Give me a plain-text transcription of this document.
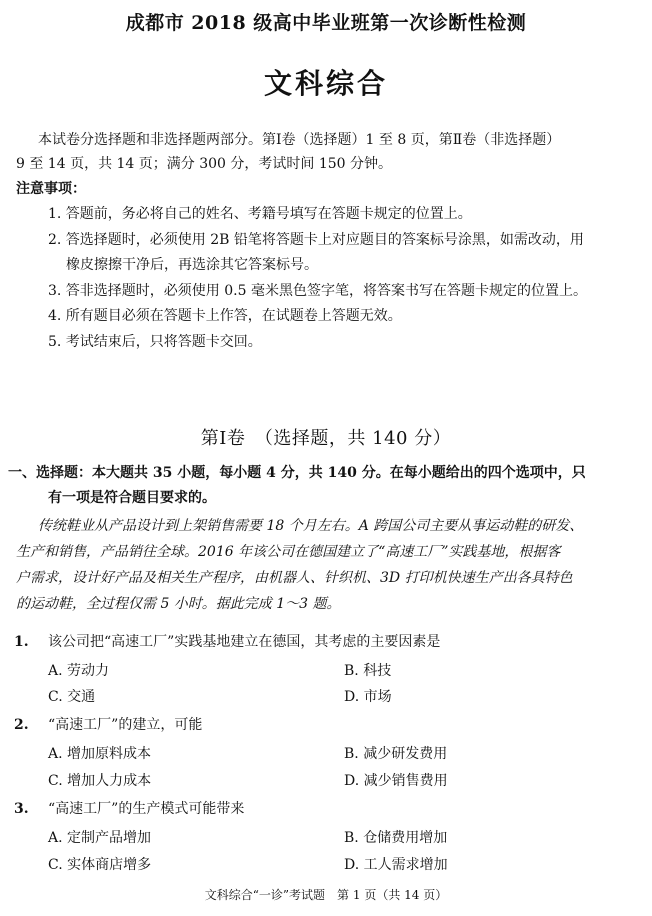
成都市 2018 级高中毕业班第一次诊断性检测
文科综合
本试卷分选择题和非选择题两部分。第Ⅰ卷（选择题）1 至 8 页，第Ⅱ卷（非选择题）
9 至 14 页，共 14 页；满分 300 分，考试时间 150 分钟。
注意事项：
1. 答题前，务必将自己的姓名、考籍号填写在答题卡规定的位置上。
2. 答选择题时，必须使用 2B 铅笔将答题卡上对应题目的答案标号涂黑，如需改动，用
橡皮擦擦干净后，再选涂其它答案标号。
3. 答非选择题时，必须使用 0.5 毫米黑色签字笔，将答案书写在答题卡规定的位置上。
4. 所有题目必须在答题卡上作答，在试题卷上答题无效。
5. 考试结束后，只将答题卡交回。
第Ⅰ卷　（选择题，共 140 分）
一、选择题：本大题共 35 小题，每小题 4 分，共 140 分。在每小题给出的四个选项中，只
有一项是符合题目要求的。
传统鞋业从产品设计到上架销售需要 18 个月左右。A 跨国公司主要从事运动鞋的研发、
生产和销售，产品销往全球。2016 年该公司在德国建立了“高速工厂”实践基地，根据客
户需求，设计好产品及相关生产程序，由机器人、针织机、3D 打印机快速生产出各具特色
的运动鞋，全过程仅需 5 小时。据此完成 1～3 题。
1. 该公司把“高速工厂”实践基地建立在德国，其考虑的主要因素是
A. 劳动力	B. 科技
C. 交通	D. 市场
2. “高速工厂”的建立，可能
A. 增加原料成本	B. 减少研发费用
C. 增加人力成本	D. 减少销售费用
3. “高速工厂”的生产模式可能带来
A. 定制产品增加	B. 仓储费用增加
C. 实体商店增多	D. 工人需求增加
文科综合“一诊”考试题　第 1 页（共 14 页）
